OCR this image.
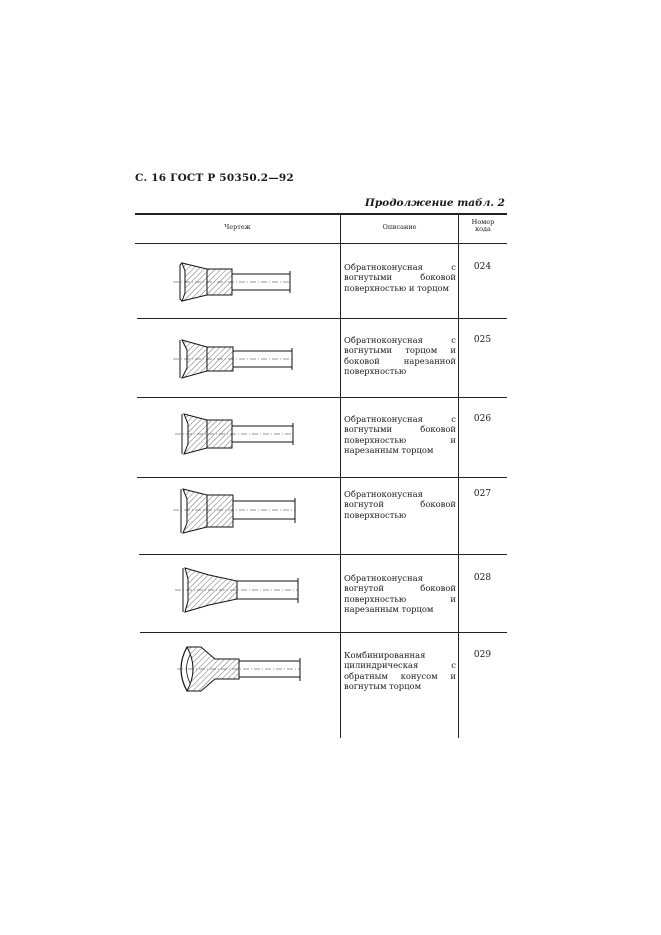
С. 16 ГОСТ Р 50350.2—92
Продолжение табл. 2
Чертеж	Описание
Номер
кода
Обратноконусная с вогнутыми боковой поверхностью и торцом
024
Обратноконусная с вогнутыми торцом и боковой нарезанной поверхностью
025
Обратноконусная с вогнутыми боковой поверхностью и нарезанным торцом
026
Обратноконусная вогнутой боковой поверхностью
027
Обратноконусная вогнутой боковой поверхностью и нарезанным торцом
028
Комбинированная цилиндрическая с обратным конусом и вогнутым торцом
029
